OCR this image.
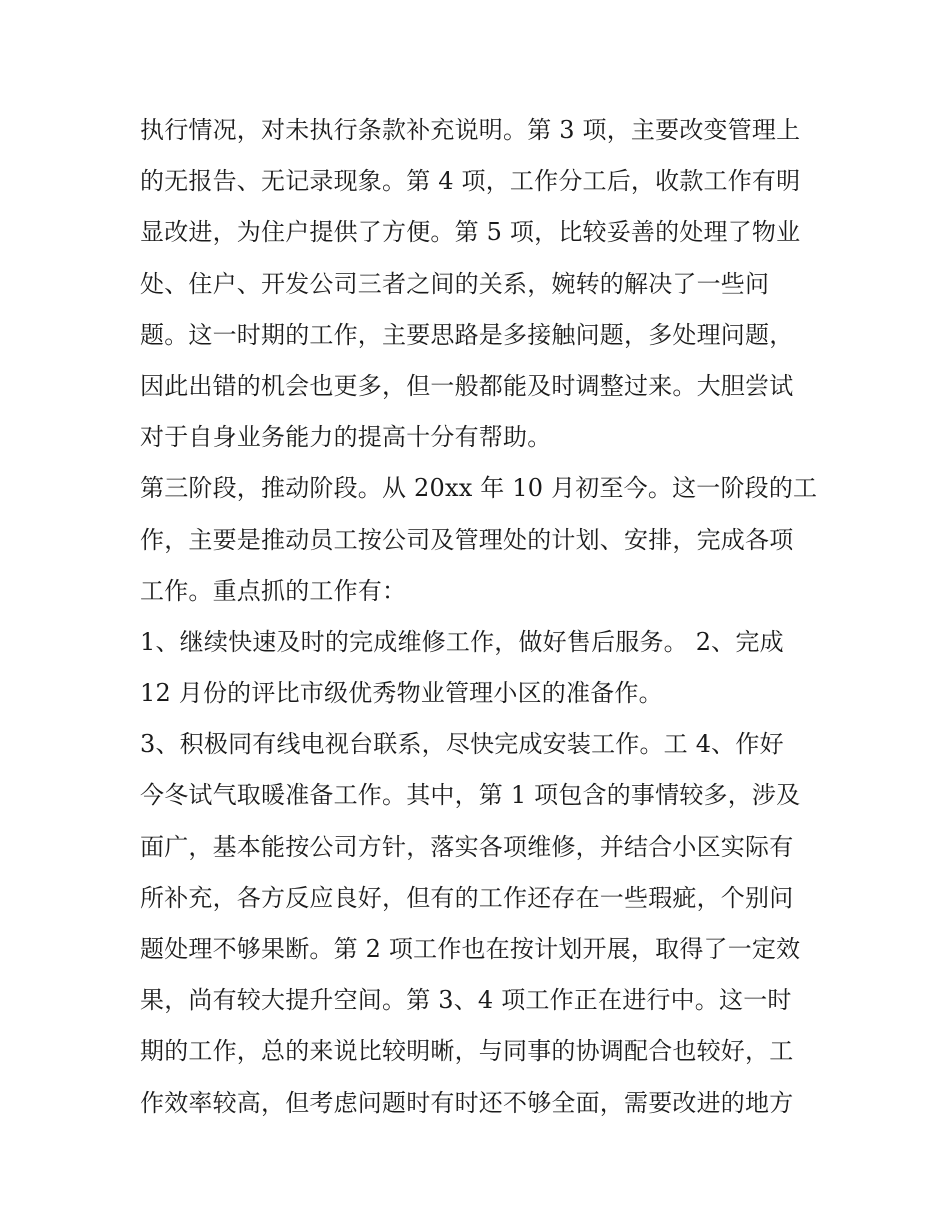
执行情况，对未执行条款补充说明。第 3 项，主要改变管理上
的无报告、无记录现象。第 4 项，工作分工后，收款工作有明
显改进，为住户提供了方便。第 5 项，比较妥善的处理了物业
处、住户、开发公司三者之间的关系，婉转的解决了一些问
题。这一时期的工作，主要思路是多接触问题，多处理问题，
因此出错的机会也更多，但一般都能及时调整过来。大胆尝试
对于自身业务能力的提高十分有帮助。
第三阶段，推动阶段。从 20xx 年 10 月初至今。这一阶段的工
作，主要是推动员工按公司及管理处的计划、安排，完成各项
工作。重点抓的工作有：
1、继续快速及时的完成维修工作，做好售后服务。 2、完成
12 月份的评比市级优秀物业管理小区的准备作。
3、积极同有线电视台联系，尽快完成安装工作。工 4、作好
今冬试气取暖准备工作。其中，第 1 项包含的事情较多，涉及
面广，基本能按公司方针，落实各项维修，并结合小区实际有
所补充，各方反应良好，但有的工作还存在一些瑕疵，个别问
题处理不够果断。第 2 项工作也在按计划开展，取得了一定效
果，尚有较大提升空间。第 3、4 项工作正在进行中。这一时
期的工作，总的来说比较明晰，与同事的协调配合也较好，工
作效率较高，但考虑问题时有时还不够全面，需要改进的地方
